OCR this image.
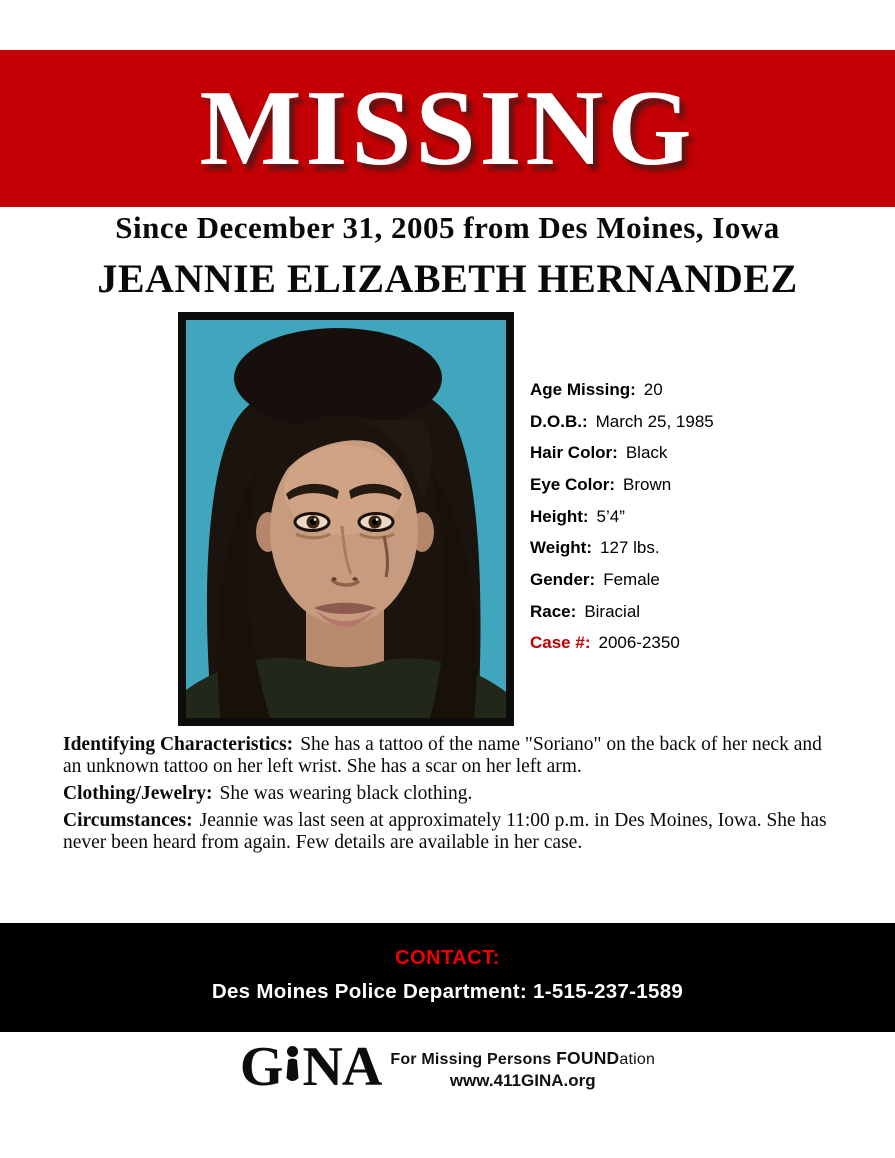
MISSING
Since December 31, 2005 from Des Moines, Iowa
JEANNIE ELIZABETH HERNANDEZ
Age Missing: 20
D.O.B.: March 25, 1985
Hair Color: Black
Eye Color: Brown
Height: 5’4”
Weight: 127 lbs.
Gender: Female
Race: Biracial
Case #: 2006-2350

Identifying Characteristics: She has a tattoo of the name "Soriano" on the back of her neck and an unknown tattoo on her left wrist. She has a scar on her left arm.

Clothing/Jewelry: She was wearing black clothing.

Circumstances: Jeannie was last seen at approximately 11:00 p.m. in Des Moines, Iowa. She has never been heard from again. Few details are available in her case.

CONTACT:
Des Moines Police Department: 1-515-237-1589
G NA For Missing Persons FOUNDation
www.411GINA.org
